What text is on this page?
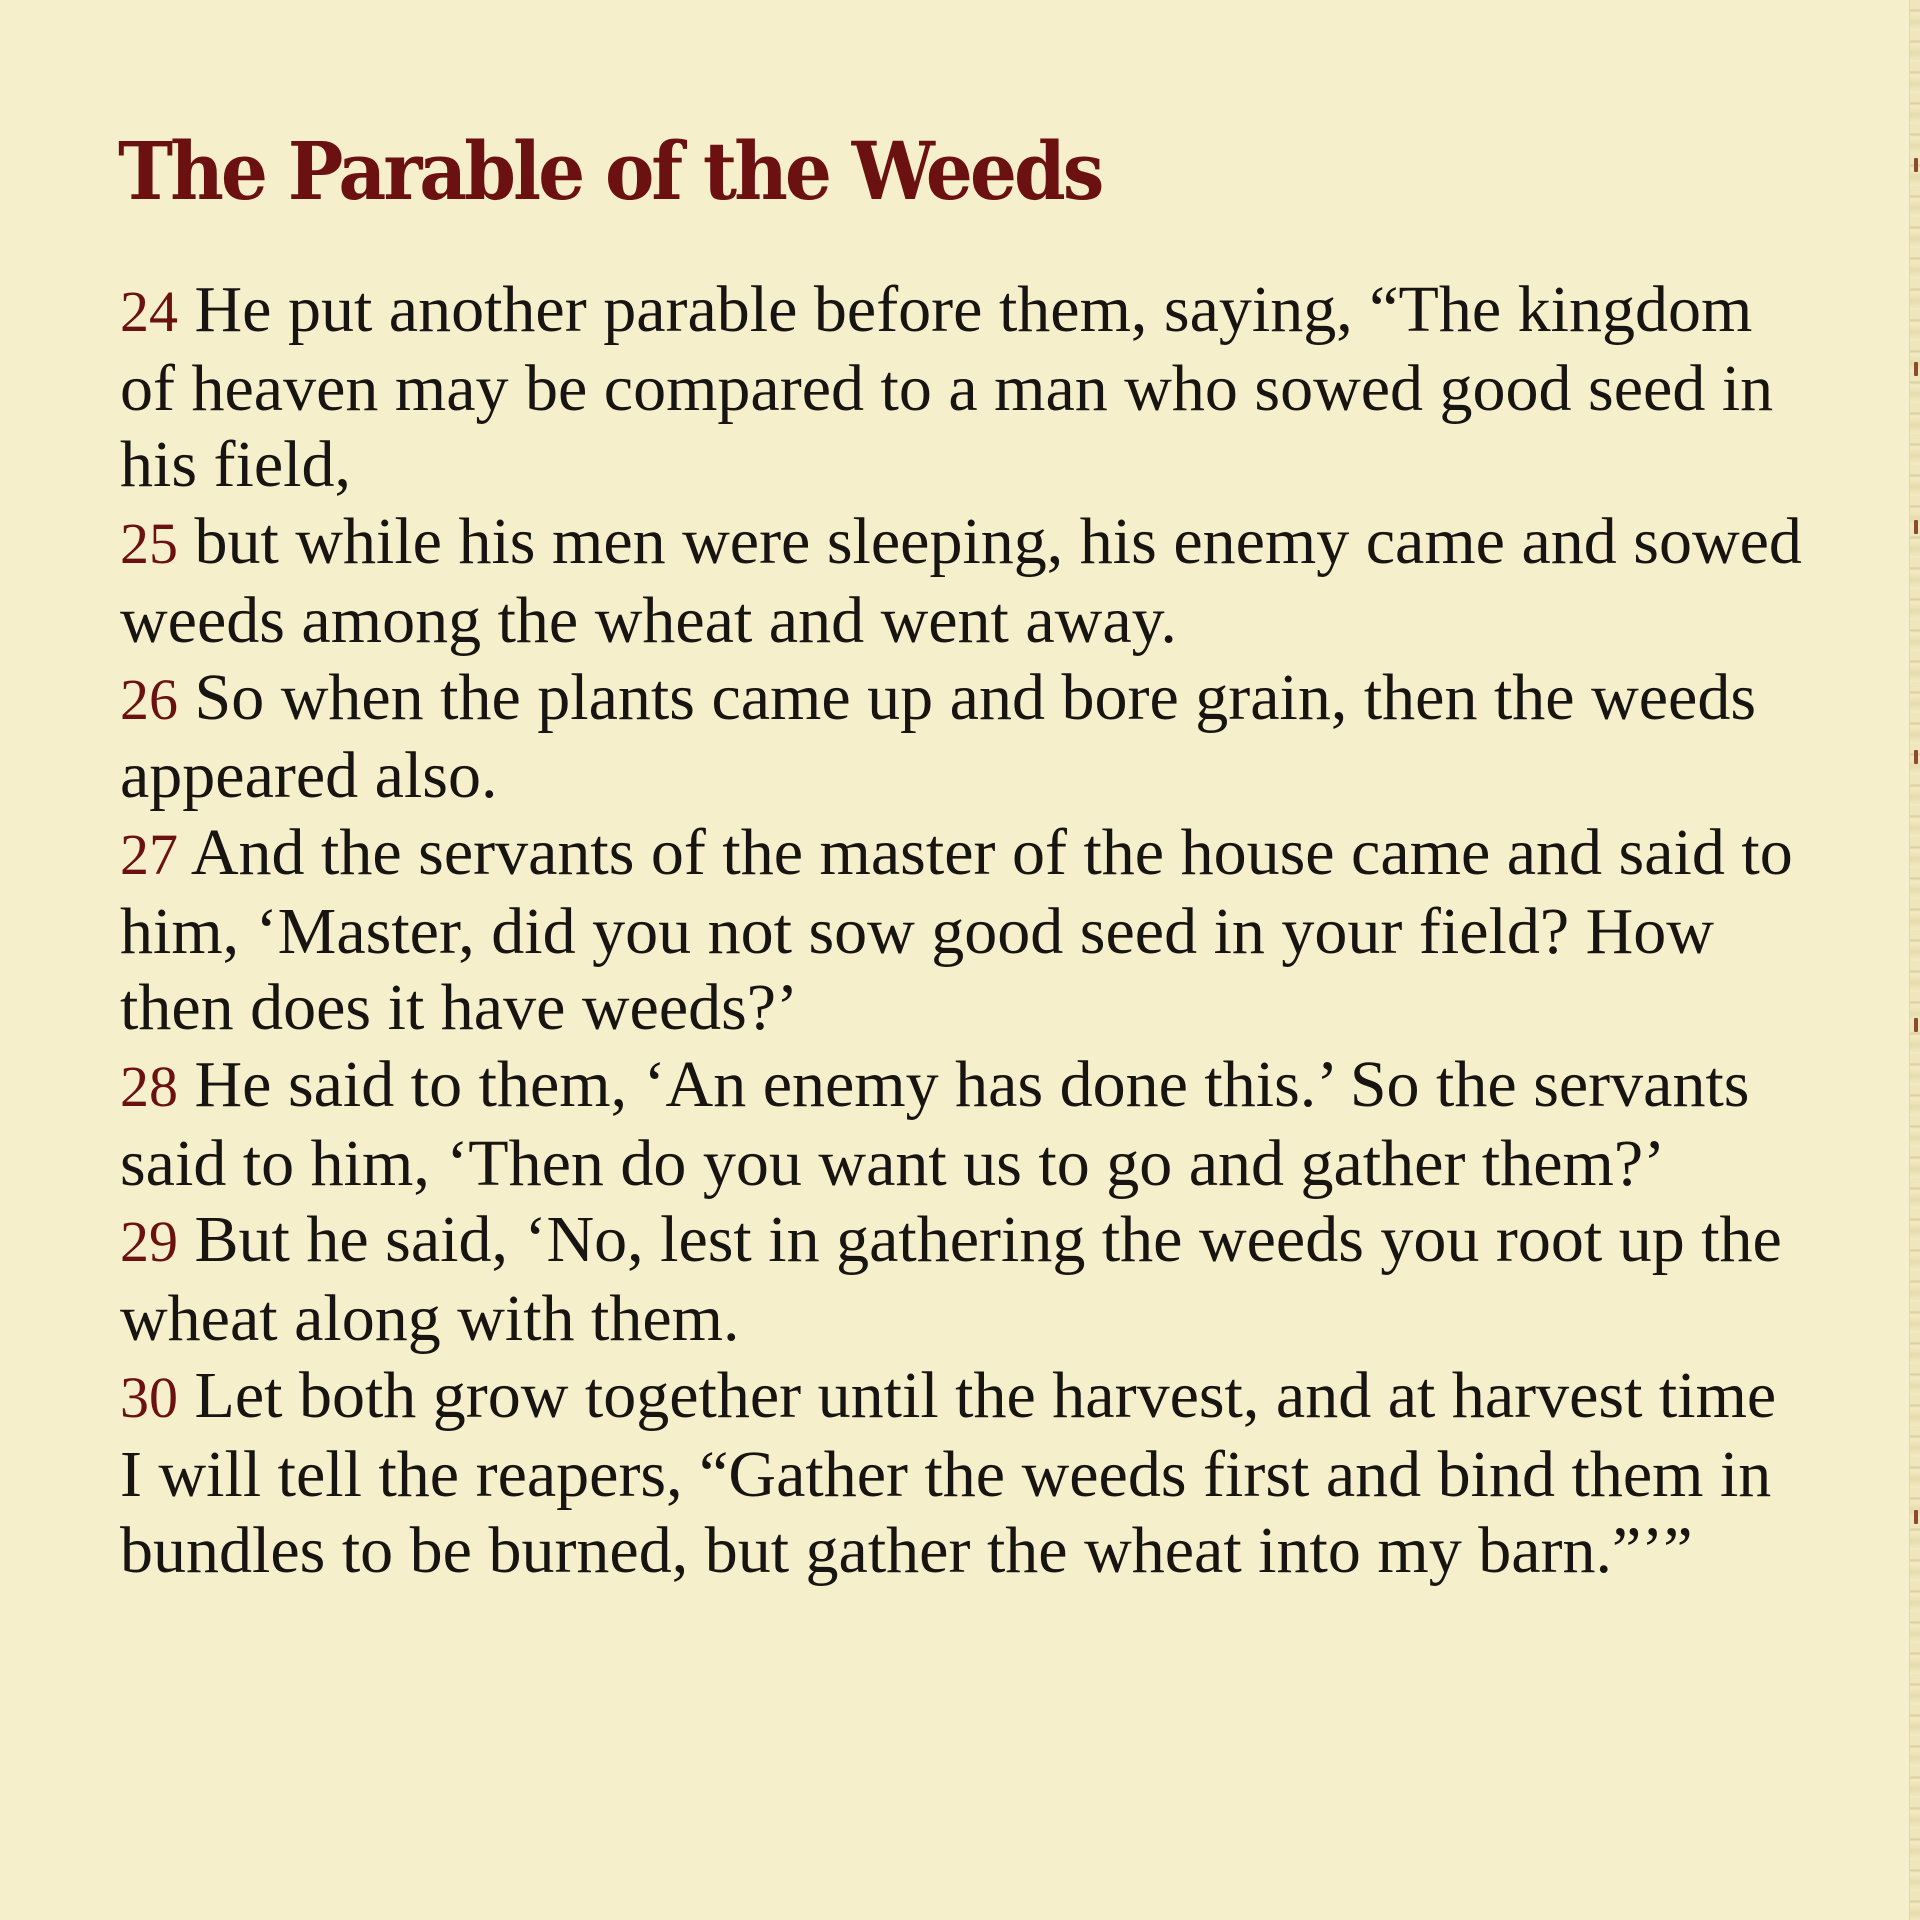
The Parable of the Weeds

24 He put another parable before them, saying, “The kingdom of heaven may be compared to a man who sowed good seed in his field,

25 but while his men were sleeping, his enemy came and sowed weeds among the wheat and went away.

26 So when the plants came up and bore grain, then the weeds appeared also.

27 And the servants of the master of the house came and said to him, ‘Master, did you not sow good seed in your field? How then does it have weeds?’

28 He said to them, ‘An enemy has done this.’ So the servants said to him, ‘Then do you want us to go and gather them?’

29 But he said, ‘No, lest in gathering the weeds you root up the wheat along with them.

30 Let both grow together until the harvest, and at harvest time I will tell the reapers, “Gather the weeds first and bind them in bundles to be burned, but gather the wheat into my barn.”’”
